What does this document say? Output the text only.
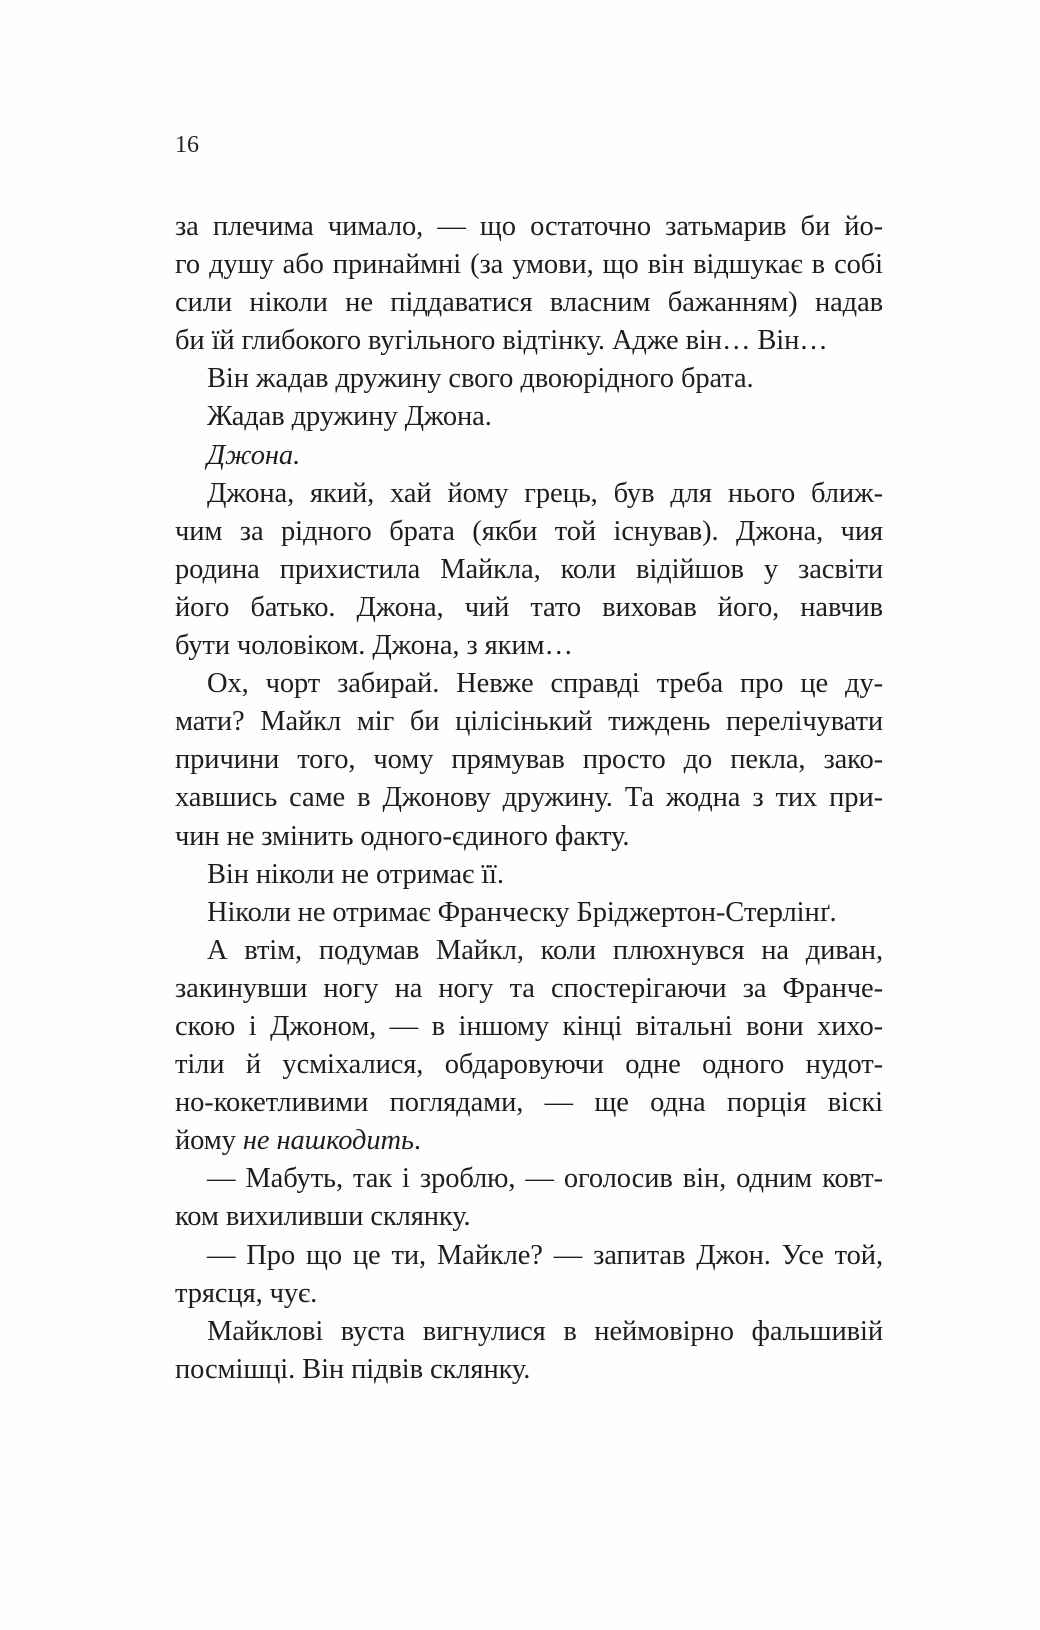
16
за плечима чимало, — що остаточно затьмарив би йо-
го душу або принаймні (за умови, що він відшукає в собі
сили ніколи не піддаватися власним бажанням) надав
би їй глибокого вугільного відтінку. Адже він… Він…
Він жадав дружину свого двоюрідного брата.
Жадав дружину Джона.
Джона.
Джона, який, хай йому грець, був для нього ближ-
чим за рідного брата (якби той існував). Джона, чия
родина прихистила Майкла, коли відійшов у засвіти
його батько. Джона, чий тато виховав його, навчив
бути чоловіком. Джона, з яким…
Ох, чорт забирай. Невже справді треба про це ду-
мати? Майкл міг би цілісінький тиждень перелічувати
причини того, чому прямував просто до пекла, зако-
хавшись саме в Джонову дружину. Та жодна з тих при-
чин не змінить одного-єдиного факту.
Він ніколи не отримає її.
Ніколи не отримає Франческу Бріджертон-Стерлінґ.
А втім, подумав Майкл, коли плюхнувся на диван,
закинувши ногу на ногу та спостерігаючи за Франче-
скою і Джоном, — в іншому кінці вітальні вони хихо-
тіли й усміхалися, обдаровуючи одне одного нудот-
но-кокетливими поглядами, — ще одна порція віскі
йому не нашкодить.
— Мабуть, так і зроблю, — оголосив він, одним ковт-
ком вихиливши склянку.
— Про що це ти, Майкле? — запитав Джон. Усе той,
трясця, чує.
Майклові вуста вигнулися в неймовірно фальшивій
посмішці. Він підвів склянку.
